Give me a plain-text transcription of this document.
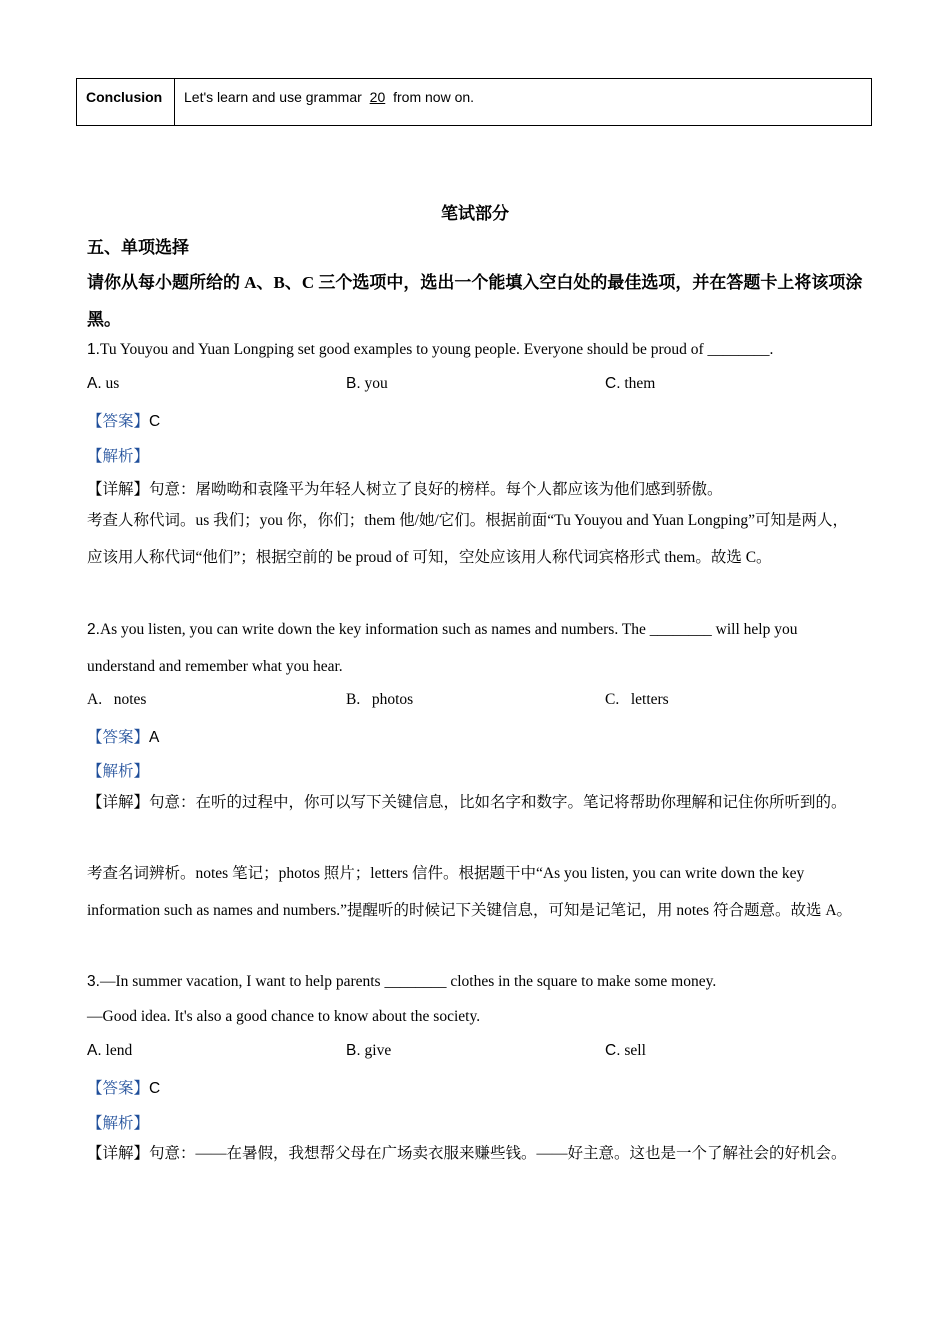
Conclusion	Let's learn and use grammar 20 from now on.
笔试部分
五、单项选择
请你从每小题所给的 A、B、C 三个选项中，选出一个能填入空白处的最佳选项，并在答题卡上将该项涂黑。
1.Tu Youyou and Yuan Longping set good examples to young people. Everyone should be proud of ________.
A. us	B. you	C. them
【答案】C
【解析】
【详解】句意：屠呦呦和袁隆平为年轻人树立了良好的榜样。每个人都应该为他们感到骄傲。
考查人称代词。us 我们；you 你，你们；them 他/她/它们。根据前面“Tu Youyou and Yuan Longping”可知是两人，应该用人称代词“他们”；根据空前的 be proud of 可知，空处应该用人称代词宾格形式 them。故选 C。
2.As you listen, you can write down the key information such as names and numbers. The ________ will help you understand and remember what you hear.
A. notes	B. photos	C. letters
【答案】A
【解析】
【详解】句意：在听的过程中，你可以写下关键信息，比如名字和数字。笔记将帮助你理解和记住你所听到的。
考查名词辨析。notes 笔记；photos 照片；letters 信件。根据题干中“As you listen, you can write down the key information such as names and numbers.”提醒听的时候记下关键信息，可知是记笔记，用 notes 符合题意。故选 A。
3.—In summer vacation, I want to help parents ________ clothes in the square to make some money.
—Good idea. It's also a good chance to know about the society.
A. lend	B. give	C. sell
【答案】C
【解析】
【详解】句意：——在暑假，我想帮父母在广场卖衣服来赚些钱。——好主意。这也是一个了解社会的好机会。
